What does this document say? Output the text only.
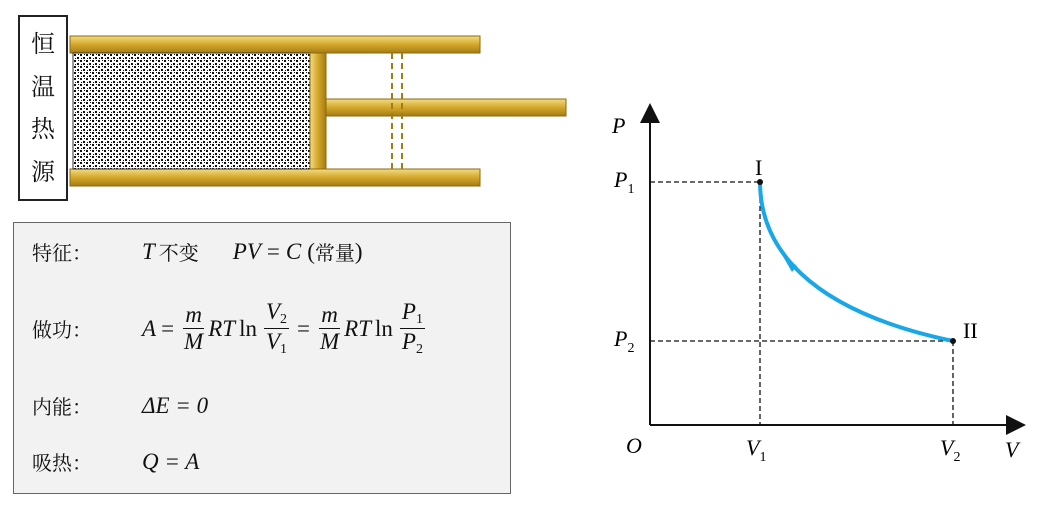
恒
温
热
源
特征：	T 不变 PV = C ( 常量 )
做功：	$A = \frac{m}{M}$ RT $\ln \frac{V_2}{V_1} = \frac{m}{M}$ RT $\ln \frac{P_1}{P_2}$
内能：	ΔE = 0
吸热：	Q = A
P
V
O
$P_1$
$P_2$
$V_1$	$V_2$
I
II
